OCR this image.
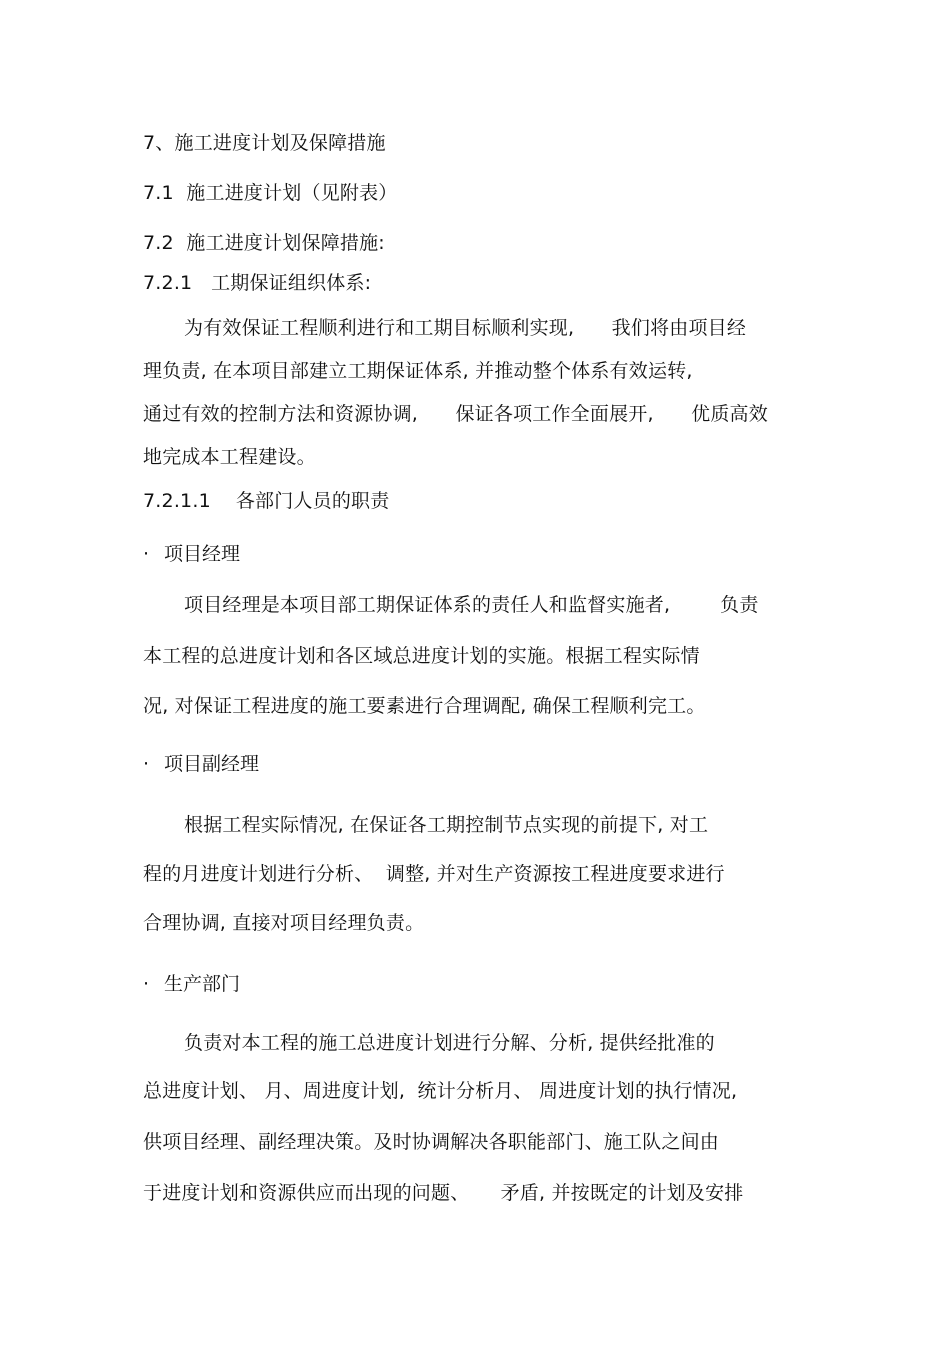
7、施工进度计划及保障措施
7.1  施工进度计划（见附表）
7.2  施工进度计划保障措施:
7.2.1   工期保证组织体系:
为有效保证工程顺利进行和工期目标顺利实现,      我们将由项目经
理负责, 在本项目部建立工期保证体系, 并推动整个体系有效运转,
通过有效的控制方法和资源协调,      保证各项工作全面展开,      优质高效
地完成本工程建设。
7.2.1.1    各部门人员的职责
· 项目经理
项目经理是本项目部工期保证体系的责任人和监督实施者,        负责
本工程的总进度计划和各区域总进度计划的实施。根据工程实际情
况, 对保证工程进度的施工要素进行合理调配, 确保工程顺利完工。
· 项目副经理
根据工程实际情况, 在保证各工期控制节点实现的前提下, 对工
程的月进度计划进行分析、  调整, 并对生产资源按工程进度要求进行
合理协调, 直接对项目经理负责。
· 生产部门
负责对本工程的施工总进度计划进行分解、分析, 提供经批准的
总进度计划、 月、周进度计划,  统计分析月、 周进度计划的执行情况,
供项目经理、副经理决策。及时协调解决各职能部门、施工队之间由
于进度计划和资源供应而出现的问题、     矛盾, 并按既定的计划及安排
